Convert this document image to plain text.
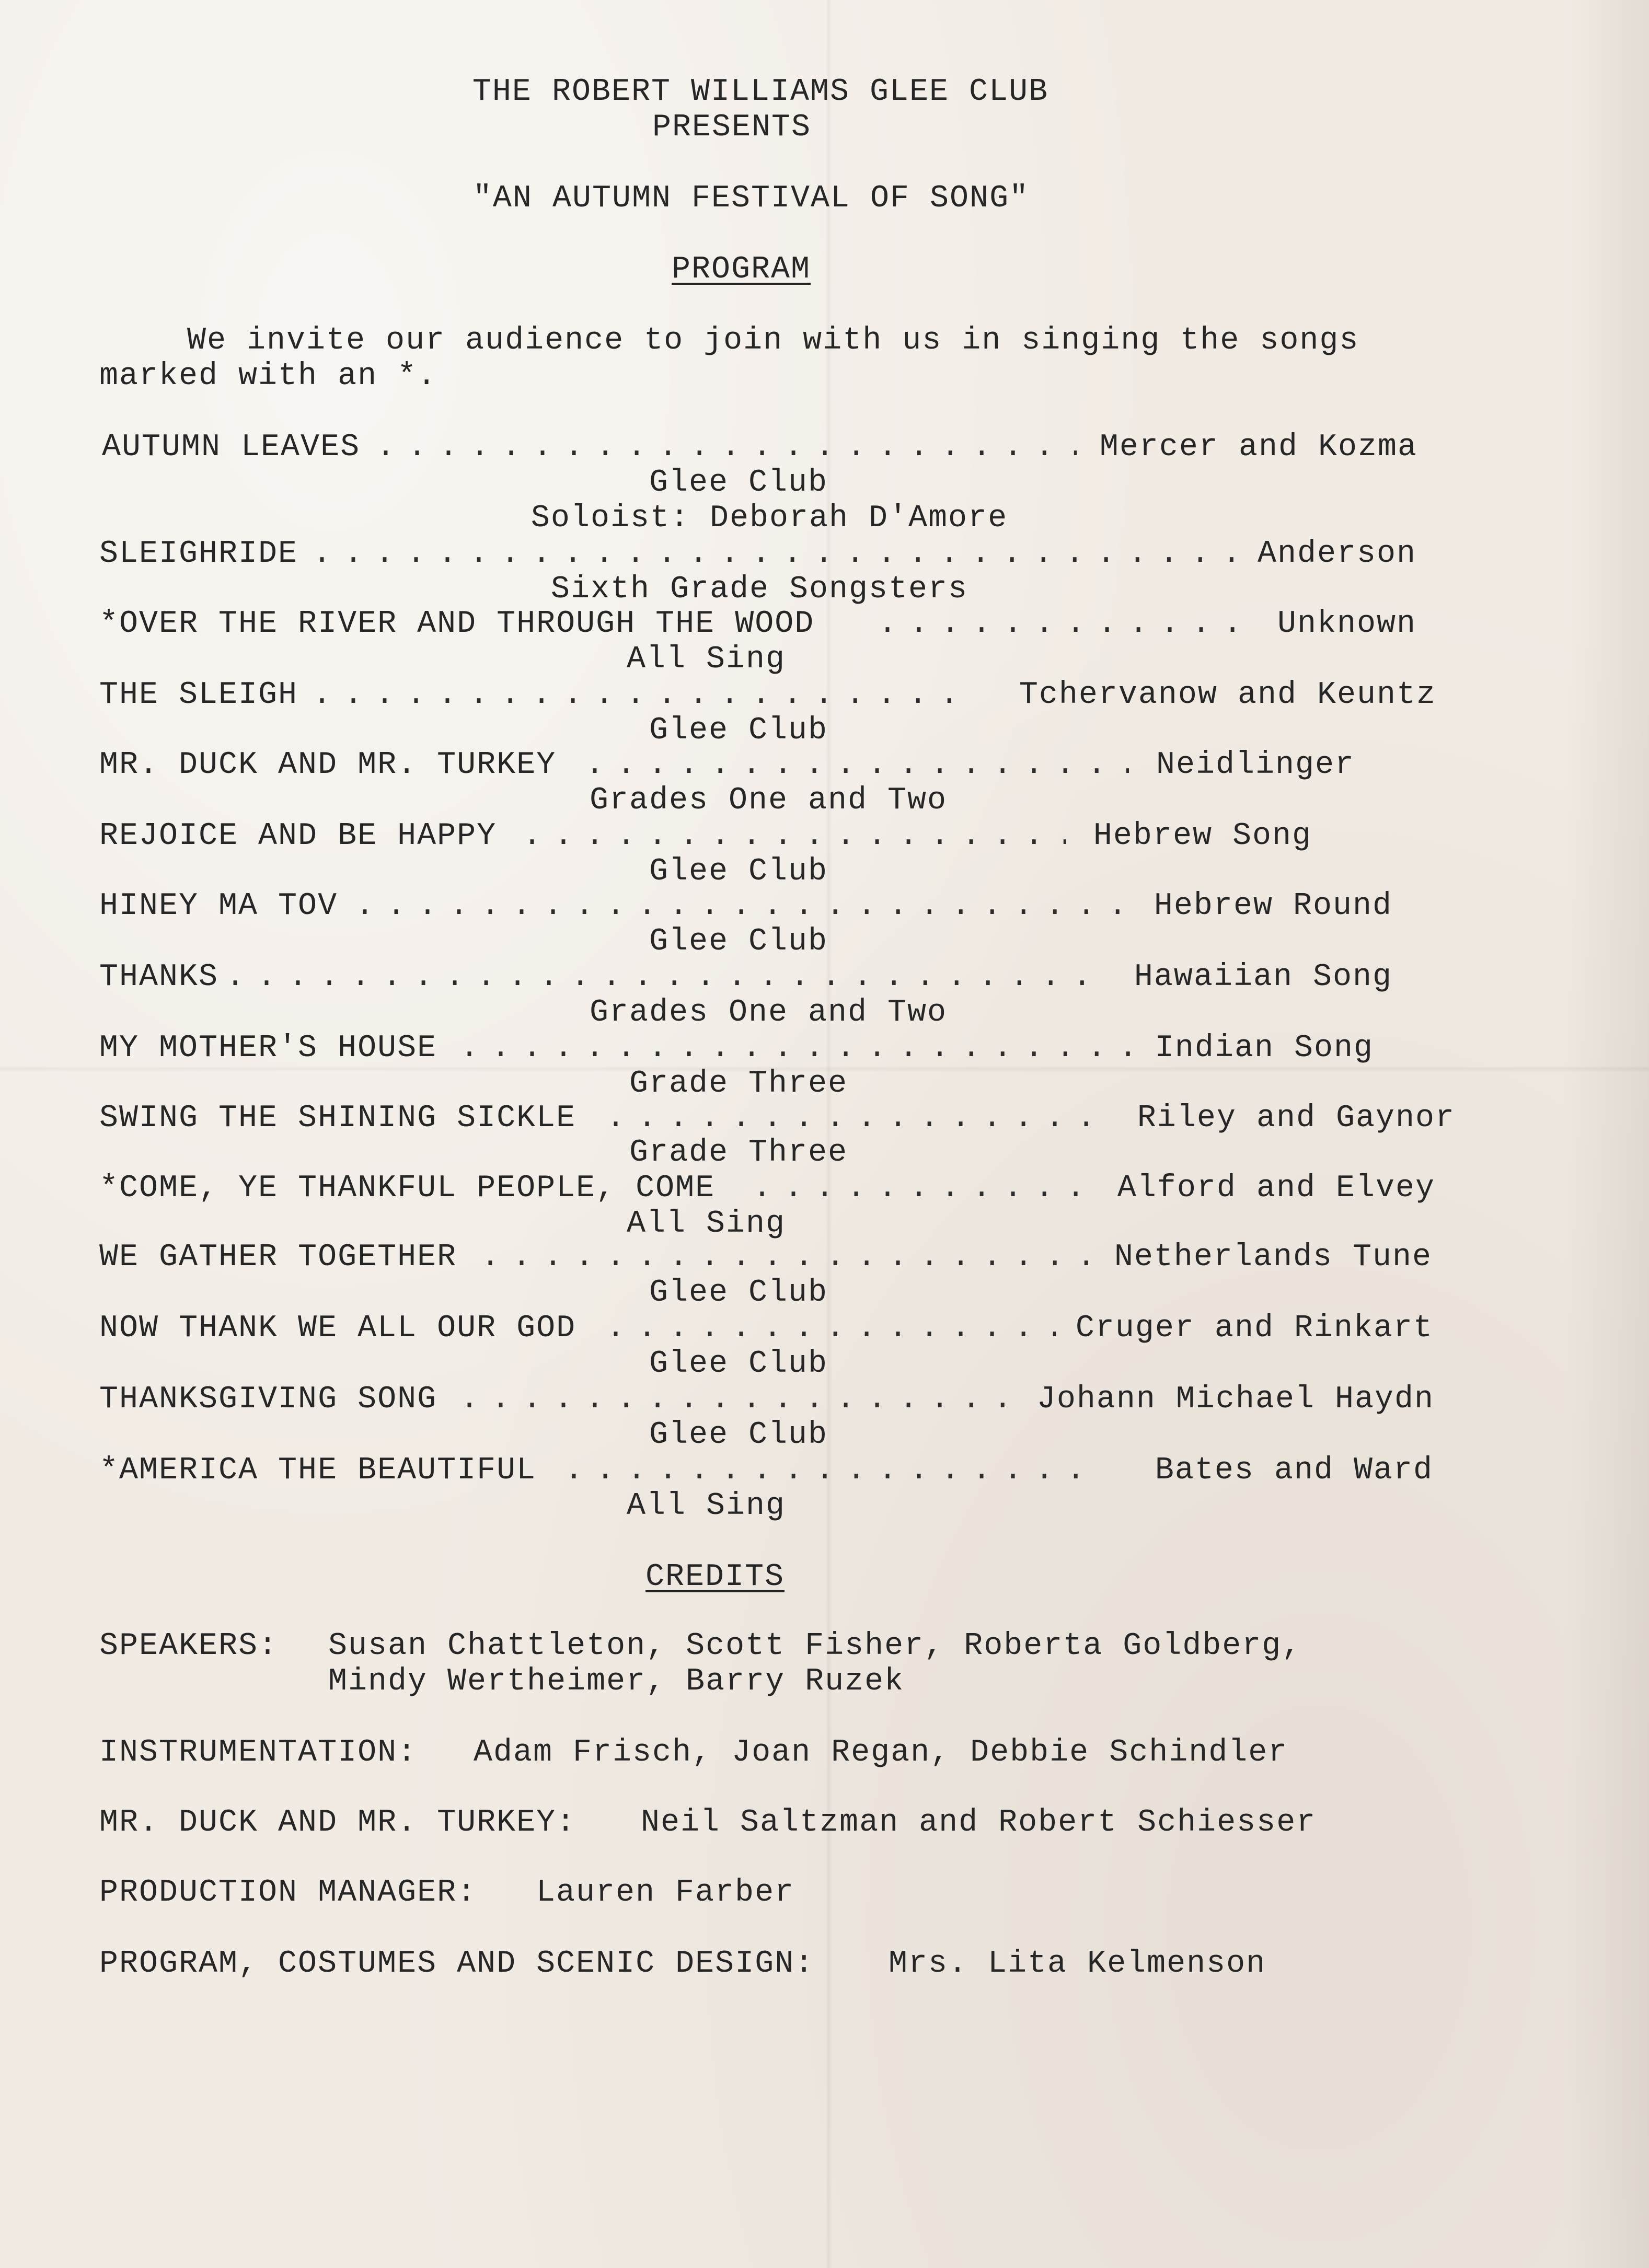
THE ROBERT WILLIAMS GLEE CLUB
PRESENTS
"AN AUTUMN FESTIVAL OF SONG"
PROGRAM
We invite our audience to join with us in singing the songs
marked with an *.
AUTUMN LEAVES . . .	Mercer and Kozma
Glee Club
Soloist: Deborah D'Amore
SLEIGHRIDE . . .	Anderson
Sixth Grade Songsters
*OVER THE RIVER AND THROUGH THE WOOD . . .	Unknown
All Sing
THE SLEIGH . . .	Tchervanow and Keuntz
Glee Club
MR. DUCK AND MR. TURKEY . . .	Neidlinger
Grades One and Two
REJOICE AND BE HAPPY . . .	Hebrew Song
Glee Club
HINEY MA TOV . . .	Hebrew Round
Glee Club
THANKS . . .	Hawaiian Song
Grades One and Two
MY MOTHER'S HOUSE . . .	Indian Song
Grade Three
SWING THE SHINING SICKLE . . .	Riley and Gaynor
Grade Three
*COME, YE THANKFUL PEOPLE, COME . . .	Alford and Elvey
All Sing
WE GATHER TOGETHER . . .	Netherlands Tune
Glee Club
NOW THANK WE ALL OUR GOD . . .	Cruger and Rinkart
Glee Club
THANKSGIVING SONG . . .	Johann Michael Haydn
Glee Club
*AMERICA THE BEAUTIFUL . . .	Bates and Ward
All Sing
CREDITS
SPEAKERS: Susan Chattleton, Scott Fisher, Roberta Goldberg,
Mindy Wertheimer, Barry Ruzek
INSTRUMENTATION: Adam Frisch, Joan Regan, Debbie Schindler
MR. DUCK AND MR. TURKEY: Neil Saltzman and Robert Schiesser
PRODUCTION MANAGER: Lauren Farber
PROGRAM, COSTUMES AND SCENIC DESIGN: Mrs. Lita Kelmenson
